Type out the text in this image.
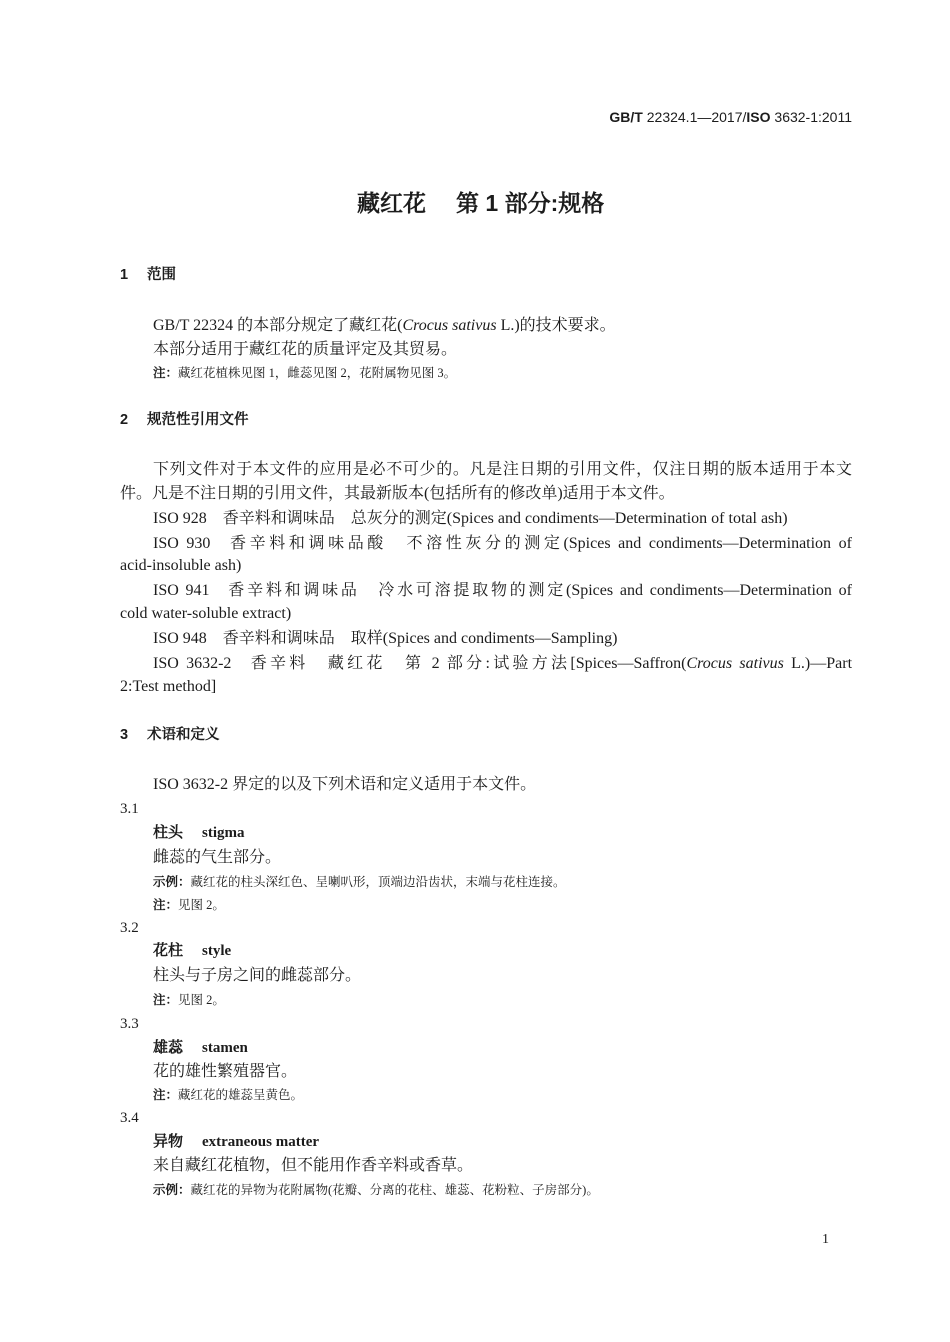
GB/T 22324.1—2017/ISO 3632-1:2011
藏红花 第 1 部分:规格
1 范围
GB/T 22324 的本部分规定了藏红花(Crocus sativus L.)的技术要求。
本部分适用于藏红花的质量评定及其贸易。
注：藏红花植株见图 1，雌蕊见图 2，花附属物见图 3。
2 规范性引用文件
下列文件对于本文件的应用是必不可少的。凡是注日期的引用文件，仅注日期的版本适用于本文
件。凡是不注日期的引用文件，其最新版本(包括所有的修改单)适用于本文件。
ISO 928 香辛料和调味品　总灰分的测定(Spices and condiments—Determination of total ash)
ISO 930 香辛料和调味品酸　不溶性灰分的测定(Spices and condiments—Determination of
acid-insoluble ash)
ISO 941 香辛料和调味品　冷水可溶提取物的测定(Spices and condiments—Determination of
cold water-soluble extract)
ISO 948 香辛料和调味品　取样(Spices and condiments—Sampling)
ISO 3632-2 香辛料　藏红花　第 2 部分:试验方法[Spices—Saffron(Crocus sativus L.)—Part
2:Test method]
3 术语和定义
ISO 3632-2 界定的以及下列术语和定义适用于本文件。
3.1
柱头 stigma
雌蕊的气生部分。
示例：藏红花的柱头深红色、呈喇叭形，顶端边沿齿状，末端与花柱连接。
注：见图 2。
3.2
花柱 style
柱头与子房之间的雌蕊部分。
注：见图 2。
3.3
雄蕊 stamen
花的雄性繁殖器官。
注：藏红花的雄蕊呈黄色。
3.4
异物 extraneous matter
来自藏红花植物，但不能用作香辛料或香草。
示例：藏红花的异物为花附属物(花瓣、分离的花柱、雄蕊、花粉粒、子房部分)。
1
